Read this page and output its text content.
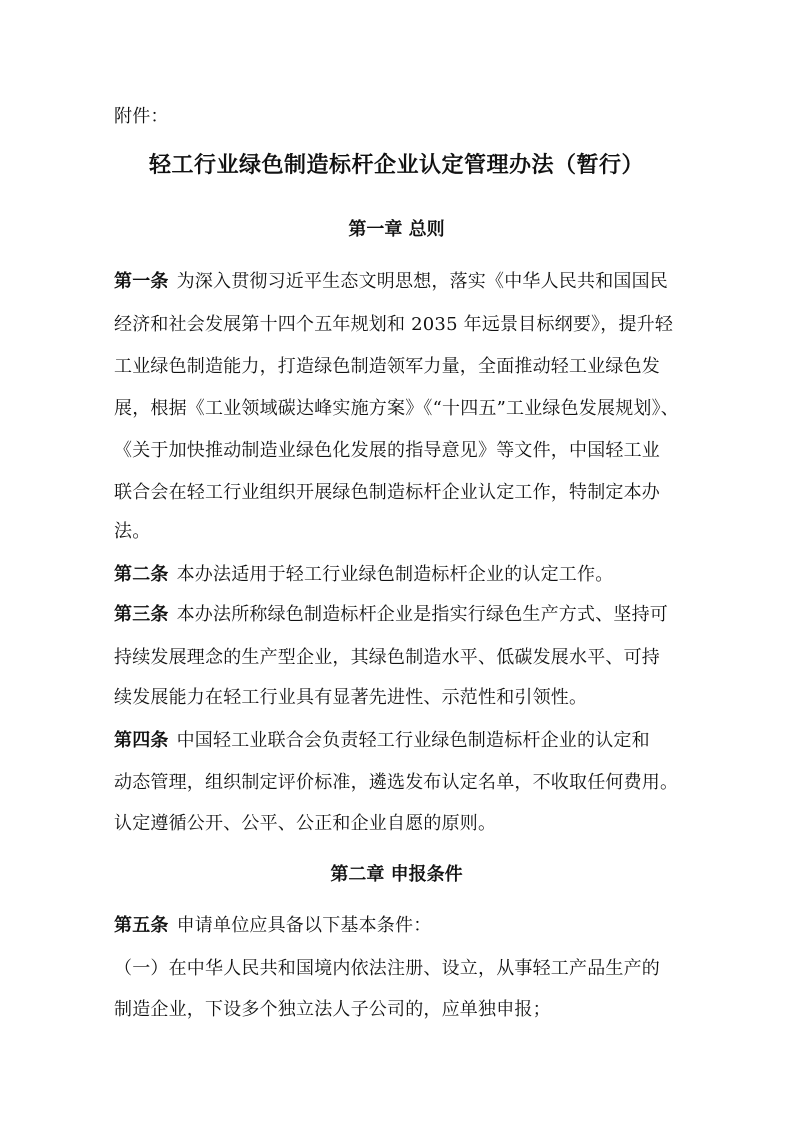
附件：
轻工行业绿色制造标杆企业认定管理办法（暂行）
第一章 总则
第一条 为深入贯彻习近平生态文明思想，落实《中华人民共和国国民
经济和社会发展第十四个五年规划和 2035 年远景目标纲要》，提升轻
工业绿色制造能力，打造绿色制造领军力量，全面推动轻工业绿色发
展，根据《工业领域碳达峰实施方案》《“十四五”工业绿色发展规划》、
《关于加快推动制造业绿色化发展的指导意见》等文件，中国轻工业
联合会在轻工行业组织开展绿色制造标杆企业认定工作，特制定本办
法。
第二条 本办法适用于轻工行业绿色制造标杆企业的认定工作。
第三条 本办法所称绿色制造标杆企业是指实行绿色生产方式、坚持可
持续发展理念的生产型企业，其绿色制造水平、低碳发展水平、可持
续发展能力在轻工行业具有显著先进性、示范性和引领性。
第四条 中国轻工业联合会负责轻工行业绿色制造标杆企业的认定和
动态管理，组织制定评价标准，遴选发布认定名单，不收取任何费用。
认定遵循公开、公平、公正和企业自愿的原则。
第二章 申报条件
第五条 申请单位应具备以下基本条件：
（一）在中华人民共和国境内依法注册、设立，从事轻工产品生产的
制造企业，下设多个独立法人子公司的，应单独申报；
